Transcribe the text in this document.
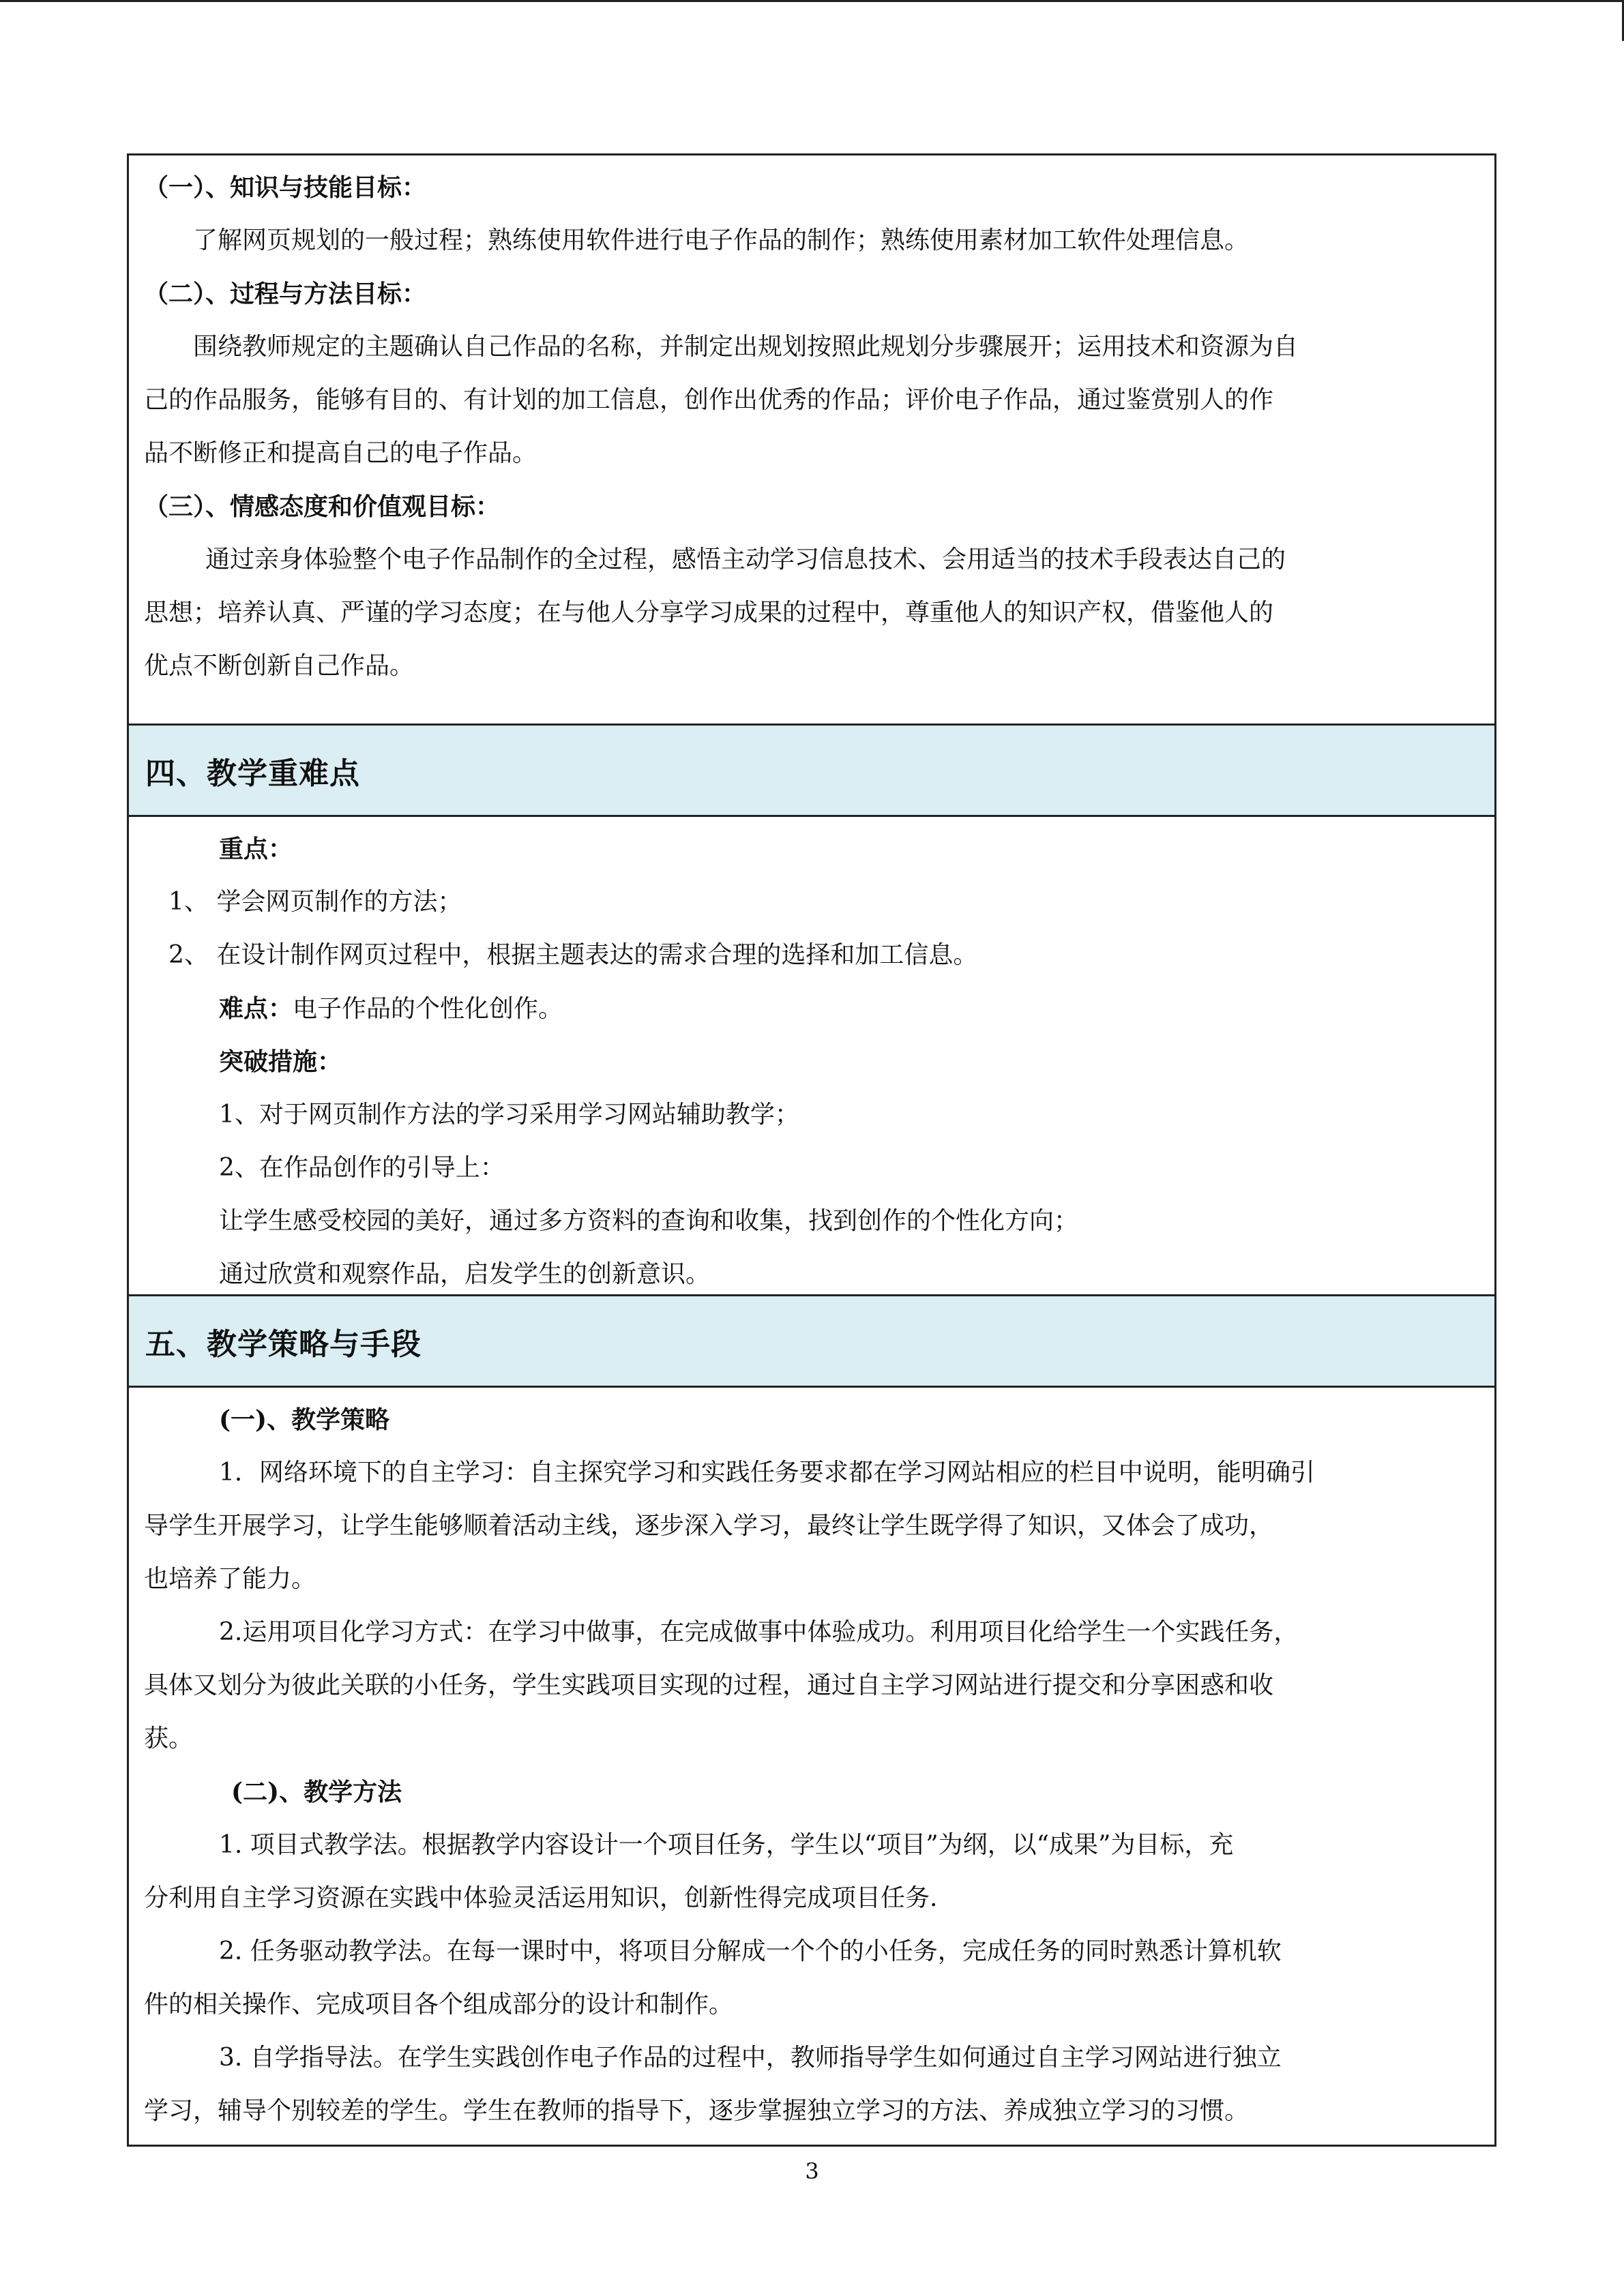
（一）、知识与技能目标：
了解网页规划的一般过程；熟练使用软件进行电子作品的制作；熟练使用素材加工软件处理信息。
（二）、过程与方法目标：
围绕教师规定的主题确认自己作品的名称，并制定出规划按照此规划分步骤展开；运用技术和资源为自
己的作品服务，能够有目的、有计划的加工信息，创作出优秀的作品；评价电子作品，通过鉴赏别人的作
品不断修正和提高自己的电子作品。
（三）、情感态度和价值观目标：
通过亲身体验整个电子作品制作的全过程，感悟主动学习信息技术、会用适当的技术手段表达自己的
思想；培养认真、严谨的学习态度；在与他人分享学习成果的过程中，尊重他人的知识产权，借鉴他人的
优点不断创新自己作品。
四、教学重难点
重点：
1、 学会网页制作的方法；
2、 在设计制作网页过程中，根据主题表达的需求合理的选择和加工信息。
难点：电子作品的个性化创作。
突破措施：
1、对于网页制作方法的学习采用学习网站辅助教学；
2、在作品创作的引导上：
让学生感受校园的美好，通过多方资料的查询和收集，找到创作的个性化方向；
通过欣赏和观察作品，启发学生的创新意识。
五、教学策略与手段
(一)、教学策略
1．网络环境下的自主学习：自主探究学习和实践任务要求都在学习网站相应的栏目中说明，能明确引
导学生开展学习，让学生能够顺着活动主线，逐步深入学习，最终让学生既学得了知识，又体会了成功，
也培养了能力。
2.运用项目化学习方式：在学习中做事，在完成做事中体验成功。利用项目化给学生一个实践任务，
具体又划分为彼此关联的小任务，学生实践项目实现的过程，通过自主学习网站进行提交和分享困惑和收
获。
(二)、教学方法
1. 项目式教学法。根据教学内容设计一个项目任务，学生以“项目”为纲，以“成果”为目标，充
分利用自主学习资源在实践中体验灵活运用知识，创新性得完成项目任务.
2. 任务驱动教学法。在每一课时中，将项目分解成一个个的小任务，完成任务的同时熟悉计算机软
件的相关操作、完成项目各个组成部分的设计和制作。
3. 自学指导法。在学生实践创作电子作品的过程中，教师指导学生如何通过自主学习网站进行独立
学习，辅导个别较差的学生。学生在教师的指导下，逐步掌握独立学习的方法、养成独立学习的习惯。
3
